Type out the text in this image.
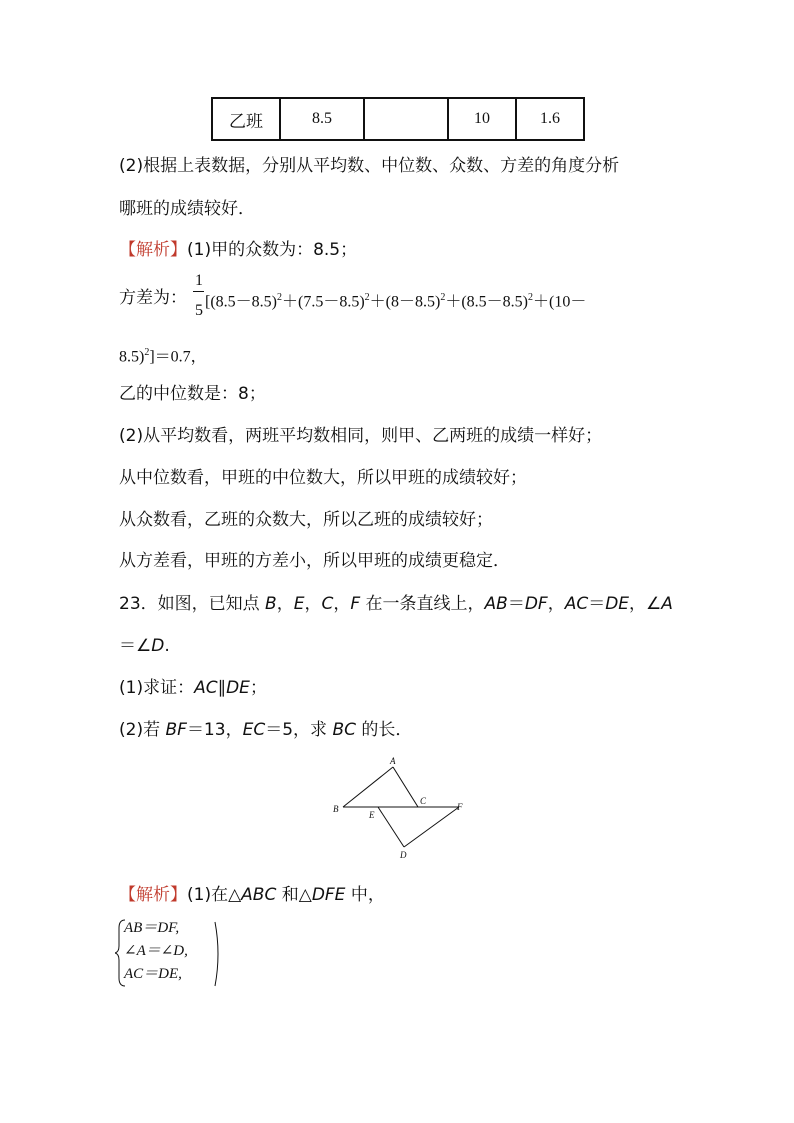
乙班	8.5		10	1.6
(2)根据上表数据，分别从平均数、中位数、众数、方差的角度分析
哪班的成绩较好．
【解析】(1)甲的众数为：8.5；
方差为：
1
5
[$(8.5-8.5)^2+(7.5-8.5)^2+(8-8.5)^2+(8.5-8.5)^2+(10-$
8.5)$^2$]＝0.7，
乙的中位数是：8；
(2)从平均数看，两班平均数相同，则甲、乙两班的成绩一样好；
从中位数看，甲班的中位数大，所以甲班的成绩较好；
从众数看，乙班的众数大，所以乙班的成绩较好；
从方差看，甲班的方差小，所以甲班的成绩更稳定．
23．如图，已知点 B，E，C，F 在一条直线上，AB＝DF，AC＝DE，∠A
＝∠D.
(1)求证：AC∥DE；
(2)若 BF＝13，EC＝5，求 BC 的长．
A
B
C
D
E
F
【解析】(1)在△ABC 和△DFE 中，
AB＝DF,
∠A＝∠D,
AC＝DE,
